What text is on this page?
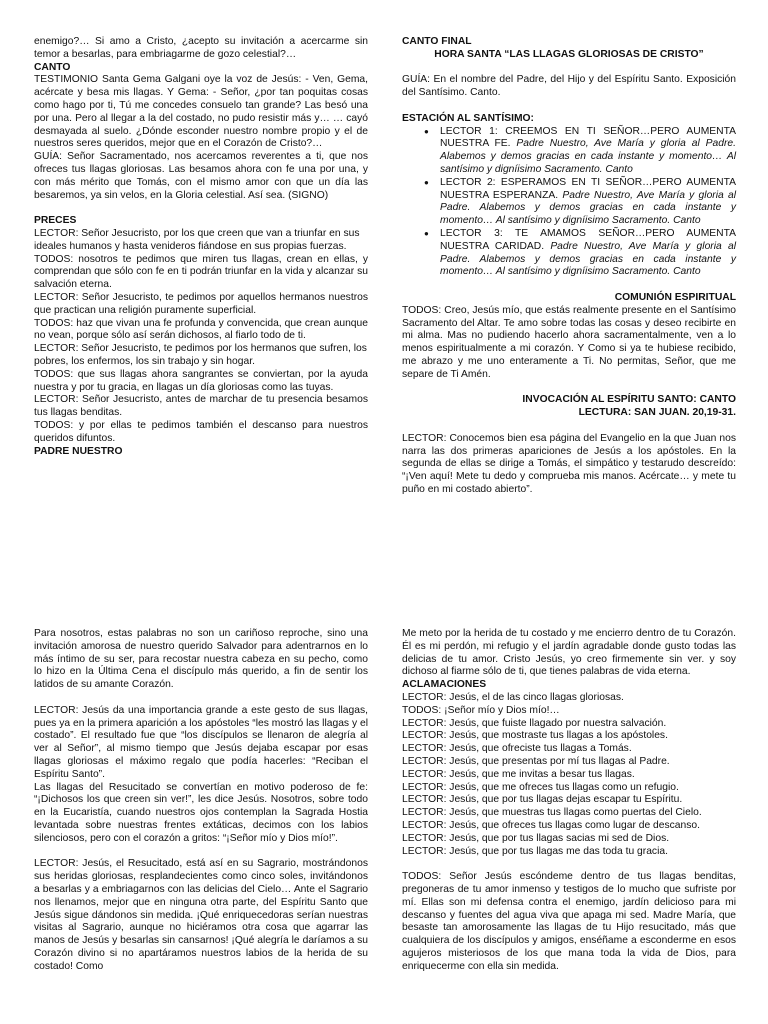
enemigo?… Si amo a Cristo, ¿acepto su invitación a acercarme sin temor a besarlas, para embriagarme de gozo celestial?…

CANTO

TESTIMONIO Santa Gema Galgani oye la voz de Jesús: - Ven, Gema, acércate y besa mis llagas. Y Gema: - Señor, ¿por tan poquitas cosas como hago por ti, Tú me concedes consuelo tan grande? Las besó una por una. Pero al llegar a la del costado, no pudo resistir más y… … cayó desmayada al suelo. ¿Dónde esconder nuestro nombre propio y el de nuestros seres queridos, mejor que en el Corazón de Cristo?…

GUÍA: Señor Sacramentado, nos acercamos reverentes a ti, que nos ofreces tus llagas gloriosas. Las besamos ahora con fe una por una, y con más mérito que Tomás, con el mismo amor con que un día las besaremos, ya sin velos, en la Gloria celestial. Así sea. (SIGNO)

PRECES

LECTOR: Señor Jesucristo, por los que creen que van a triunfar en sus

ideales humanos y hasta venideros fiándose en sus propias fuerzas.

TODOS: nosotros te pedimos que miren tus llagas, crean en ellas, y comprendan que sólo con fe en ti podrán triunfar en la vida y alcanzar su salvación eterna.

LECTOR: Señor Jesucristo, te pedimos por aquellos hermanos nuestros que practican una religión puramente superficial.

TODOS: haz que vivan una fe profunda y convencida, que crean aunque no vean, porque sólo así serán dichosos, al fiarlo todo de ti.

LECTOR: Señor Jesucristo, te pedimos por los hermanos que sufren, los

pobres, los enfermos, los sin trabajo y sin hogar.

TODOS: que sus llagas ahora sangrantes se conviertan, por la ayuda nuestra y por tu gracia, en llagas un día gloriosas como las tuyas.

LECTOR: Señor Jesucristo, antes de marchar de tu presencia besamos tus llagas benditas.

TODOS: y por ellas te pedimos también el descanso para nuestros queridos difuntos.

PADRE NUESTRO

CANTO FINAL

HORA SANTA “LAS LLAGAS GLORIOSAS DE CRISTO”

GUÍA: En el nombre del Padre, del Hijo y del Espíritu Santo. Exposición del Santísimo. Canto.

ESTACIÓN AL SANTÍSIMO:

● LECTOR 1: CREEMOS EN TI SEÑOR…PERO AUMENTA NUESTRA FE. Padre Nuestro, Ave María y gloria al Padre. Alabemos y demos gracias en cada instante y momento… Al santísimo y digníisimo Sacramento. Canto
● LECTOR 2: ESPERAMOS EN TI SEÑOR…PERO AUMENTA NUESTRA ESPERANZA. Padre Nuestro, Ave María y gloria al Padre. Alabemos y demos gracias en cada instante y momento… Al santísimo y digníisimo Sacramento. Canto
● LECTOR 3: TE AMAMOS SEÑOR…PERO AUMENTA NUESTRA CARIDAD. Padre Nuestro, Ave María y gloria al Padre. Alabemos y demos gracias en cada instante y momento… Al santísimo y digníisimo Sacramento. Canto

COMUNIÓN ESPIRITUAL

TODOS: Creo, Jesús mío, que estás realmente presente en el Santísimo Sacramento del Altar. Te amo sobre todas las cosas y deseo recibirte en mi alma. Mas no pudiendo hacerlo ahora sacramentalmente, ven a lo menos espiritualmente a mi corazón. Y Como si ya te hubiese recibido, me abrazo y me uno enteramente a Ti. No permitas, Señor, que me separe de Ti Amén.

INVOCACIÓN AL ESPÍRITU SANTO: CANTO

LECTURA: SAN JUAN. 20,19-31.

LECTOR: Conocemos bien esa página del Evangelio en la que Juan nos narra las dos primeras apariciones de Jesús a los apóstoles. En la segunda de ellas se dirige a Tomás, el simpático y testarudo descreído: “¡Ven aquí! Mete tu dedo y comprueba mis manos. Acércate… y mete tu puño en mi costado abierto”.

Para nosotros, estas palabras no son un cariñoso reproche, sino una invitación amorosa de nuestro querido Salvador para adentrarnos en lo más íntimo de su ser, para recostar nuestra cabeza en su pecho, como lo hizo en la Última Cena el discípulo más querido, a fin de sentir los latidos de su amante Corazón.

LECTOR: Jesús da una importancia grande a este gesto de sus llagas, pues ya en la primera aparición a los apóstoles “les mostró las llagas y el costado”. El resultado fue que “los discípulos se llenaron de alegría al ver al Señor”, al mismo tiempo que Jesús dejaba escapar por esas llagas gloriosas el máximo regalo que podía hacerles: “Reciban el Espíritu Santo”.

Las llagas del Resucitado se convertían en motivo poderoso de fe: “¡Dichosos los que creen sin ver!”, les dice Jesús. Nosotros, sobre todo en la Eucaristía, cuando nuestros ojos contemplan la Sagrada Hostia levantada sobre nuestras frentes extáticas, decimos con los labios silenciosos, pero con el corazón a gritos: “¡Señor mío y Dios mío!”.

LECTOR: Jesús, el Resucitado, está así en su Sagrario, mostrándonos sus heridas gloriosas, resplandecientes como cinco soles, invitándonos a besarlas y a embriagarnos con las delicias del Cielo… Ante el Sagrario nos llenamos, mejor que en ninguna otra parte, del Espíritu Santo que Jesús sigue dándonos sin medida. ¡Qué enriquecedoras serían nuestras visitas al Sagrario, aunque no hiciéramos otra cosa que agarrar las manos de Jesús y besarlas sin cansarnos! ¡Qué alegría le daríamos a su Corazón divino si no apartáramos nuestros labios de la herida de su costado! Como

Me meto por la herida de tu costado y me encierro dentro de tu Corazón. Él es mi perdón, mi refugio y el jardín agradable donde gusto todas las delicias de tu amor. Cristo Jesús, yo creo firmemente sin ver. y soy dichoso al fiarme sólo de ti, que tienes palabras de vida eterna.

ACLAMACIONES

LECTOR: Jesús, el de las cinco llagas gloriosas.

TODOS: ¡Señor mío y Dios mío!…

LECTOR: Jesús, que fuiste llagado por nuestra salvación.

LECTOR: Jesús, que mostraste tus llagas a los apóstoles.

LECTOR: Jesús, que ofreciste tus llagas a Tomás.

LECTOR: Jesús, que presentas por mí tus llagas al Padre.

LECTOR: Jesús, que me invitas a besar tus llagas.

LECTOR: Jesús, que me ofreces tus llagas como un refugio.

LECTOR: Jesús, que por tus llagas dejas escapar tu Espíritu.

LECTOR: Jesús, que muestras tus llagas como puertas del Cielo.

LECTOR: Jesús, que ofreces tus llagas como lugar de descanso.

LECTOR: Jesús, que por tus llagas sacias mi sed de Dios.

LECTOR: Jesús, que por tus llagas me das toda tu gracia.

TODOS: Señor Jesús escóndeme dentro de tus llagas benditas, pregoneras de tu amor inmenso y testigos de lo mucho que sufriste por mí. Ellas son mi defensa contra el enemigo, jardín delicioso para mi descanso y fuentes del agua viva que apaga mi sed. Madre María, que besaste tan amorosamente las llagas de tu Hijo resucitado, más que cualquiera de los discípulos y amigos, enséñame a esconderme en esos agujeros misteriosos de los que mana toda la vida de Dios, para enriquecerme con ella sin medida.
